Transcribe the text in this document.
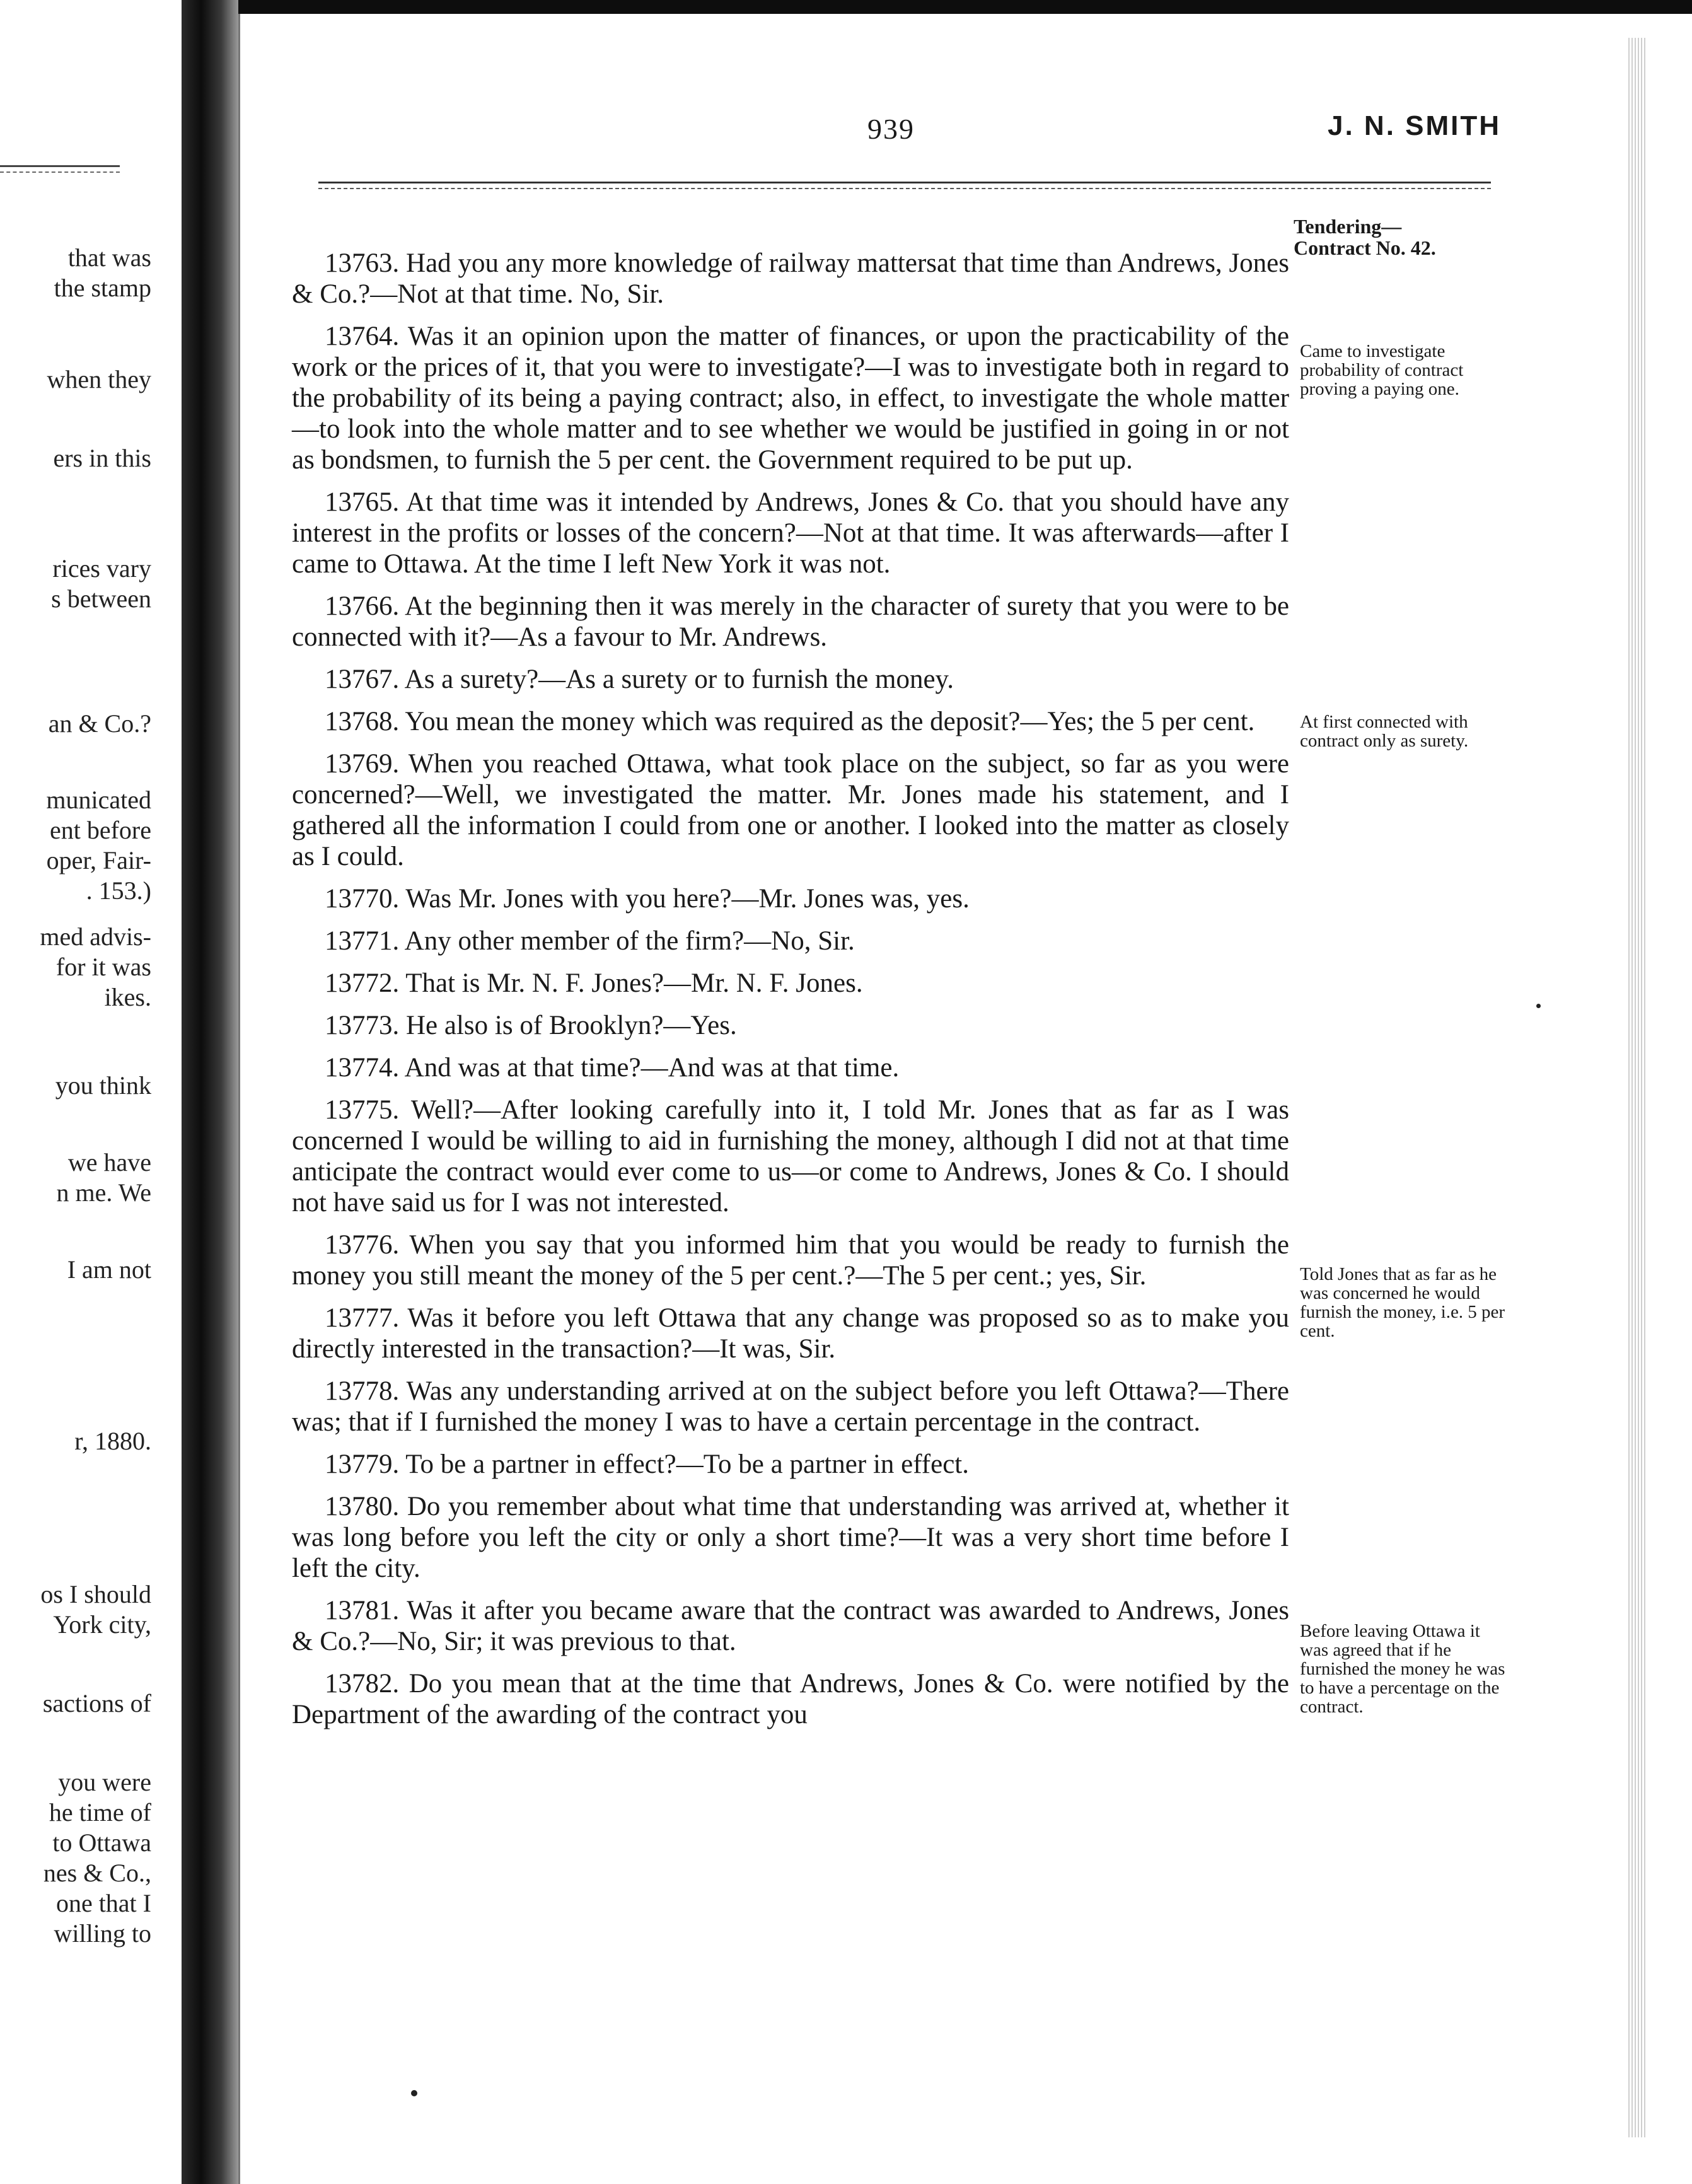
that was
the stamp
when they
ers in this
rices vary
s between
an & Co.?
municated
ent before
oper, Fair-
. 153.)
med advis-
for it was
ikes.
you think
we have
n me. We
I am not
r, 1880.
os I should
York city,
sactions of
you were
he time of
to Ottawa
nes & Co.,
one that I
willing to
939	J. N. SMITH
Tendering—
Contract No. 42.

13763. Had you any more knowledge of railway mattersat that time than Andrews, Jones & Co.?—Not at that time. No, Sir.

13764. Was it an opinion upon the matter of finances, or upon the practicability of the work or the prices of it, that you were to investigate?—I was to investigate both in regard to the probability of its being a paying contract; also, in effect, to investigate the whole matter —to look into the whole matter and to see whether we would be justified in going in or not as bondsmen, to furnish the 5 per cent. the Government required to be put up.

13765. At that time was it intended by Andrews, Jones & Co. that you should have any interest in the profits or losses of the concern?—Not at that time. It was afterwards—after I came to Ottawa. At the time I left New York it was not.

13766. At the beginning then it was merely in the character of surety that you were to be connected with it?—As a favour to Mr. Andrews.

13767. As a surety?—As a surety or to furnish the money.

13768. You mean the money which was required as the deposit?—Yes; the 5 per cent.

13769. When you reached Ottawa, what took place on the subject, so far as you were concerned?—Well, we investigated the matter. Mr. Jones made his statement, and I gathered all the information I could from one or another. I looked into the matter as closely as I could.

13770. Was Mr. Jones with you here?—Mr. Jones was, yes.

13771. Any other member of the firm?—No, Sir.

13772. That is Mr. N. F. Jones?—Mr. N. F. Jones.

13773. He also is of Brooklyn?—Yes.

13774. And was at that time?—And was at that time.

13775. Well?—After looking carefully into it, I told Mr. Jones that as far as I was concerned I would be willing to aid in furnishing the money, although I did not at that time anticipate the contract would ever come to us—or come to Andrews, Jones & Co. I should not have said us for I was not interested.

13776. When you say that you informed him that you would be ready to furnish the money you still meant the money of the 5 per cent.?—The 5 per cent.; yes, Sir.

13777. Was it before you left Ottawa that any change was proposed so as to make you directly interested in the transaction?—It was, Sir.

13778. Was any understanding arrived at on the subject before you left Ottawa?—There was; that if I furnished the money I was to have a certain percentage in the contract.

13779. To be a partner in effect?—To be a partner in effect.

13780. Do you remember about what time that understanding was arrived at, whether it was long before you left the city or only a short time?—It was a very short time before I left the city.

13781. Was it after you became aware that the contract was awarded to Andrews, Jones & Co.?—No, Sir; it was previous to that.

13782. Do you mean that at the time that Andrews, Jones & Co. were notified by the Department of the awarding of the contract you

Came to investigate probability of contract proving a paying one.
At first connected with contract only as surety.
Told Jones that as far as he was concerned he would furnish the money, i.e. 5 per cent.
Before leaving Ottawa it was agreed that if he furnished the money he was to have a percentage on the contract.
